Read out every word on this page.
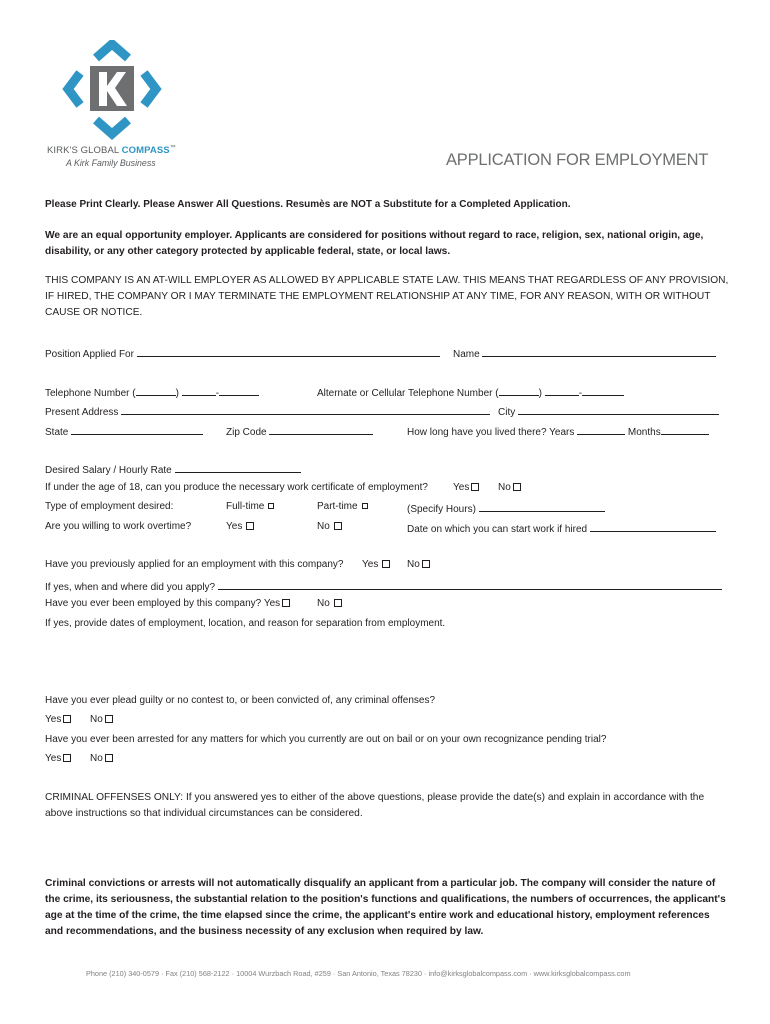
KIRK'S GLOBAL COMPASS™
A Kirk Family Business	APPLICATION FOR EMPLOYMENT
Please Print Clearly. Please Answer All Questions. Resumès are NOT a Substitute for a Completed Application.
We are an equal opportunity employer. Applicants are considered for positions without regard to race, religion, sex, national origin, age, disability, or any other category protected by applicable federal, state, or local laws.
THIS COMPANY IS AN AT-WILL EMPLOYER AS ALLOWED BY APPLICABLE STATE LAW. THIS MEANS THAT REGARDLESS OF ANY PROVISION, IF HIRED, THE COMPANY OR I MAY TERMINATE THE EMPLOYMENT RELATIONSHIP AT ANY TIME, FOR ANY REASON, WITH OR WITHOUT CAUSE OR NOTICE.
Position Applied For	Name
Telephone Number (	)	-	Alternate or Cellular Telephone Number (	)	-
Present Address	City
State	Zip Code	How long have you lived there? Years	Months
Desired Salary / Hourly Rate
If under the age of 18, can you produce the necessary work certificate of employment?	Yes	No
Type of employment desired:	Full-time	Part-time	(Specify Hours)
Are you willing to work overtime?	Yes	No	Date on which you can start work if hired
Have you previously applied for an employment with this company? Yes	No
If yes, when and where did you apply?
Have you ever been employed by this company? Yes	No
If yes, provide dates of employment, location, and reason for separation from employment.
Have you ever plead guilty or no contest to, or been convicted of, any criminal offenses?
Yes	No
Have you ever been arrested for any matters for which you currently are out on bail or on your own recognizance pending trial?
Yes	No
CRIMINAL OFFENSES ONLY: If you answered yes to either of the above questions, please provide the date(s) and explain in accordance with the above instructions so that individual circumstances can be considered.
Criminal convictions or arrests will not automatically disqualify an applicant from a particular job. The company will consider the nature of the crime, its seriousness, the substantial relation to the position's functions and qualifications, the numbers of occurrences, the applicant's age at the time of the crime, the time elapsed since the crime, the applicant's entire work and educational history, employment references and recommendations, and the business necessity of any exclusion when required by law.
Phone (210) 340-0579 · Fax (210) 568-2122 · 10004 Wurzbach Road, #259 · San Antonio, Texas 78230 · info@kirksglobalcompass.com · www.kirksglobalcompass.com
